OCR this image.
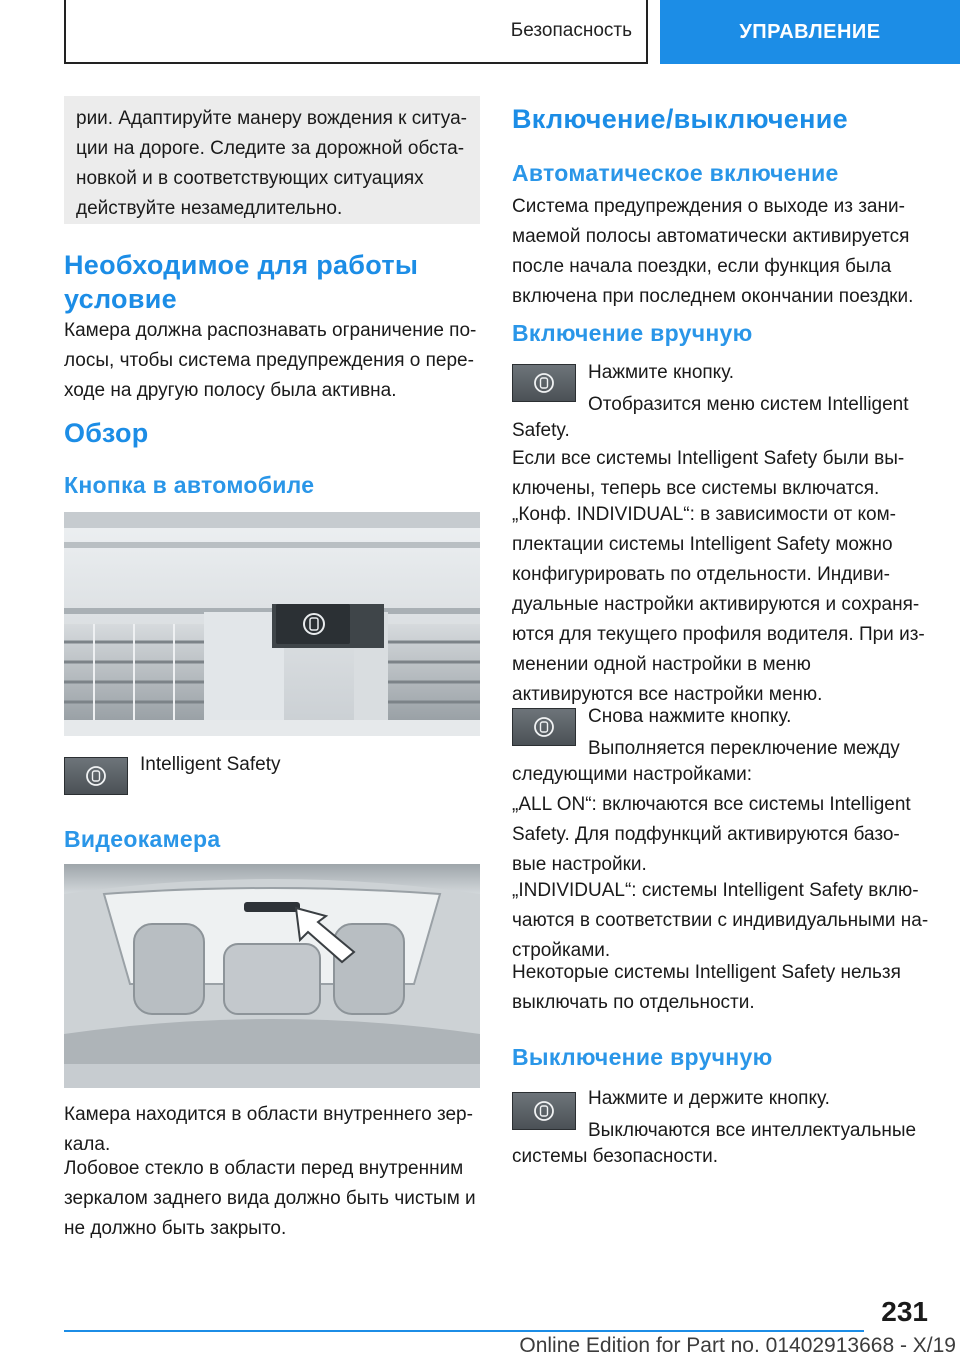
Безопасность	УПРАВЛЕНИЕ

рии. Адаптируйте манеру вождения к ситуа-

ции на дороге. Следите за дорожной обста-

новкой и в соответствующих ситуациях

действуйте незамедлительно.

Необходимое для работы
условие

Камера должна распознавать ограничение по-

лосы, чтобы система предупреждения о пере-

ходе на другую полосу была активна.

Обзор
Кнопка в автомобиле

Intelligent Safety

Видеокамера

Камера находится в области внутреннего зер-

кала.

Лобовое стекло в области перед внутренним

зеркалом заднего вида должно быть чистым и

не должно быть закрыто.

Включение/выключение
Автоматическое включение

Система предупреждения о выходе из зани-

маемой полосы автоматически активируется

после начала поездки, если функция была

включена при последнем окончании поездки.

Включение вручную

Нажмите кнопку.

Отобразится меню систем Intelligent

Safety.

Если все системы Intelligent Safety были вы-

ключены, теперь все системы включатся.

„Конф. INDIVIDUAL“: в зависимости от ком-

плектации системы Intelligent Safety можно

конфигурировать по отдельности. Индиви-

дуальные настройки активируются и сохраня-

ются для текущего профиля водителя. При из-

менении одной настройки в меню

активируются все настройки меню.

Снова нажмите кнопку.

Выполняется переключение между

следующими настройками:

„ALL ON“: включаются все системы Intelligent

Safety. Для подфункций активируются базо-

вые настройки.

„INDIVIDUAL“: системы Intelligent Safety вклю-

чаются в соответствии с индивидуальными на-

стройками.

Некоторые системы Intelligent Safety нельзя

выключать по отдельности.

Выключение вручную

Нажмите и держите кнопку.

Выключаются все интеллектуальные

системы безопасности.

231
Online Edition for Part no. 01402913668 - X/19
